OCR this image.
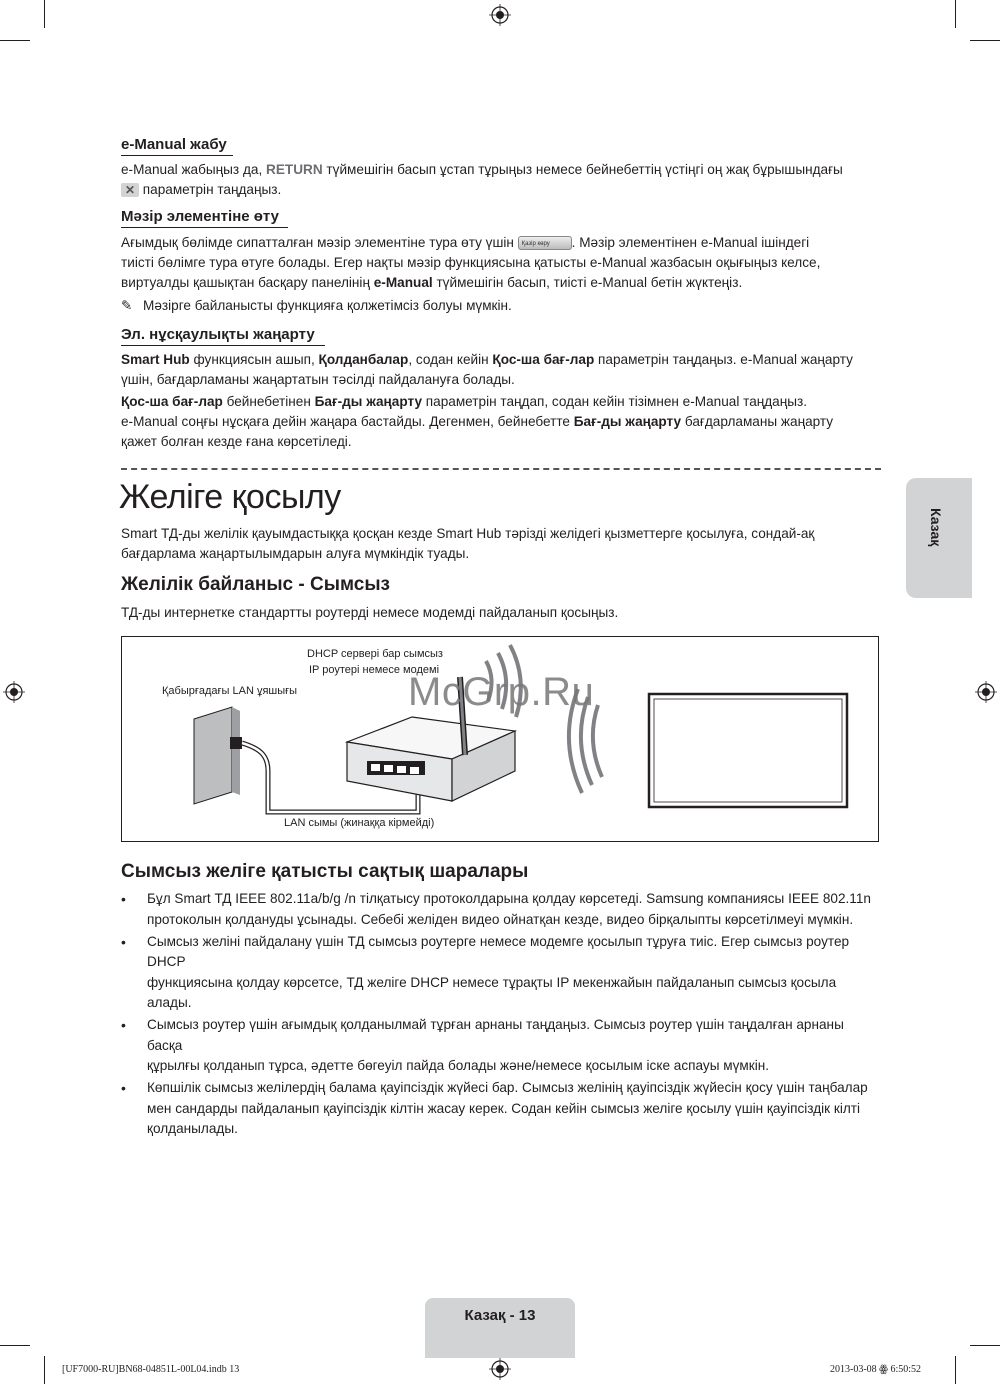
e-Manual жабу
e-Manual жабыңыз да, RETURN түймешігін басып ұстап тұрыңыз немесе бейнебеттің үстіңгі оң жақ бұрышындағы
✕ параметрін таңдаңыз.
Мәзір элементіне өту
Ағымдық бөлімде сипатталған мәзір элементіне тура өту үшін Қазір көру . Мәзір элементінен e-Manual ішіндегі
тиісті бөлімге тура өтуге болады. Егер нақты мәзір функциясына қатысты e-Manual жазбасын оқығыңыз келсе,
виртуалды қашықтан басқару панелінің e-Manual түймешігін басып, тиісті e-Manual бетін жүктеңіз.
✎ Мәзірге байланысты функцияға қолжетімсіз болуы мүмкін.
Эл. нұсқаулықты жаңарту
Smart Hub функциясын ашып, Қолданбалар, содан кейін Қос-ша бағ-лар параметрін таңдаңыз. e-Manual жаңарту
үшін, бағдарламаны жаңартатын тәсілді пайдалануға болады.
Қос-ша бағ-лар бейнебетінен Бағ-ды жаңарту параметрін таңдап, содан кейін тізімнен e-Manual таңдаңыз.
e-Manual соңғы нұсқаға дейін жаңара бастайды. Дегенмен, бейнебетте Бағ-ды жаңарту бағдарламаны жаңарту
қажет болған кезде ғана көрсетіледі.
Желіге қосылу
Smart ТД-ды желілік қауымдастыққа қосқан кезде Smart Hub тәрізді желідегі қызметтерге қосылуға, сондай-ақ
бағдарлама жаңартылымдарын алуға мүмкіндік туады.
Желілік байланыс - Сымсыз
ТД-ды интернетке стандартты роутерді немесе модемді пайдаланып қосыңыз.
Казақ
DHCP сервері бар сымсыз
IP роутері немесе модемі
Қабырғадағы LAN ұяшығы
LAN сымы (жинаққа кірмейді)
McGrp.Ru
Сымсыз желіге қатысты сақтық шаралары
• Бұл Smart ТД IEEE 802.11a/b/g /n тілқатысу протоколдарына қолдау көрсетеді. Samsung компаниясы IEEE 802.11n
протоколын қолдануды ұсынады. Себебі желіден видео ойнатқан кезде, видео бірқалыпты көрсетілмеуі мүмкін.
• Сымсыз желіні пайдалану үшін ТД сымсыз роутерге немесе модемге қосылып тұруға тиіс. Егер сымсыз роутер DHCP
функциясына қолдау көрсетсе, ТД желіге DHCP немесе тұрақты IP мекенжайын пайдаланып сымсыз қосыла алады.
• Сымсыз роутер үшін ағымдық қолданылмай тұрған арнаны таңдаңыз. Сымсыз роутер үшін таңдалған арнаны басқа
құрылғы қолданып тұрса, әдетте бөгеуіл пайда болады және/немесе қосылым іске аспауы мүмкін.
• Көпшілік сымсыз желілердің балама қауіпсіздік жүйесі бар. Сымсыз желінің қауіпсіздік жүйесін қосу үшін таңбалар
мен сандарды пайдаланып қауіпсіздік кілтін жасау керек. Содан кейін сымсыз желіге қосылу үшін қауіпсіздік кілті
қолданылады.
Казақ - 13
[UF7000-RU]BN68-04851L-00L04.indb 13	2013-03-08 ꙮ 6:50:52
